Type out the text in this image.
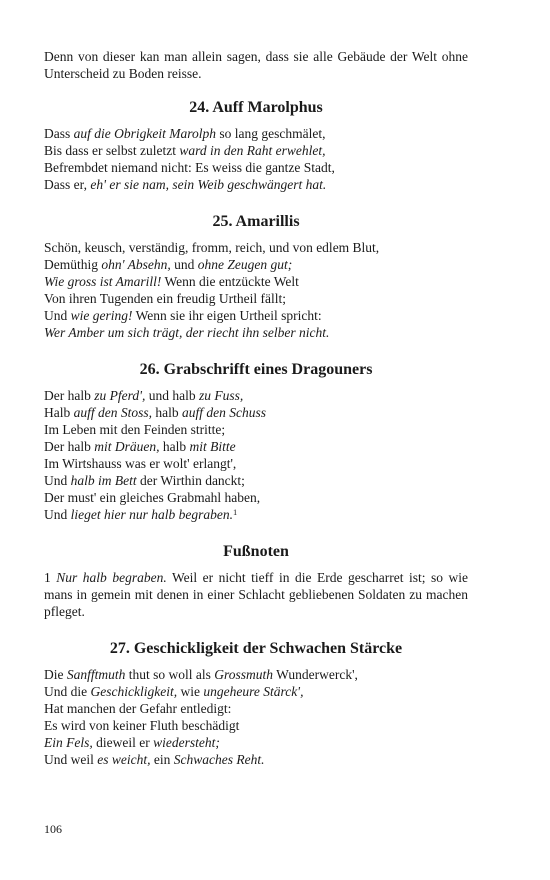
Denn von dieser kan man allein sagen, dass sie alle Gebäude der Welt ohne Unterscheid zu Boden reisse.

24. Auff Marolphus
Dass auf die Obrigkeit Marolph so lang geschmälet,
Bis dass er selbst zuletzt ward in den Raht erwehlet,
Befrembdet niemand nicht: Es weiss die gantze Stadt,
Dass er, eh' er sie nam, sein Weib geschwängert hat.
25. Amarillis
Schön, keusch, verständig, fromm, reich, und von edlem Blut,
Demüthig ohn' Absehn, und ohne Zeugen gut;
Wie gross ist Amarill! Wenn die entzückte Welt
Von ihren Tugenden ein freudig Urtheil fällt;
Und wie gering! Wenn sie ihr eigen Urtheil spricht:
Wer Amber um sich trägt, der riecht ihn selber nicht.
26. Grabschrifft eines Dragouners
Der halb zu Pferd', und halb zu Fuss,
Halb auff den Stoss, halb auff den Schuss
Im Leben mit den Feinden stritte;
Der halb mit Dräuen, halb mit Bitte
Im Wirtshauss was er wolt' erlangt',
Und halb im Bett der Wirthin danckt;
Der must' ein gleiches Grabmahl haben,
Und lieget hier nur halb begraben.$^1$
Fußnoten

1 Nur halb begraben. Weil er nicht tieff in die Erde gescharret ist; so wie mans in gemein mit denen in einer Schlacht gebliebenen Soldaten zu machen pfleget.

27. Geschickligkeit der Schwachen Stärcke
Die Sanfftmuth thut so woll als Grossmuth Wunderwerck',
Und die Geschickligkeit, wie ungeheure Stärck',
Hat manchen der Gefahr entledigt:
Es wird von keiner Fluth beschädigt
Ein Fels, dieweil er wiedersteht;
Und weil es weicht, ein Schwaches Reht.
106
